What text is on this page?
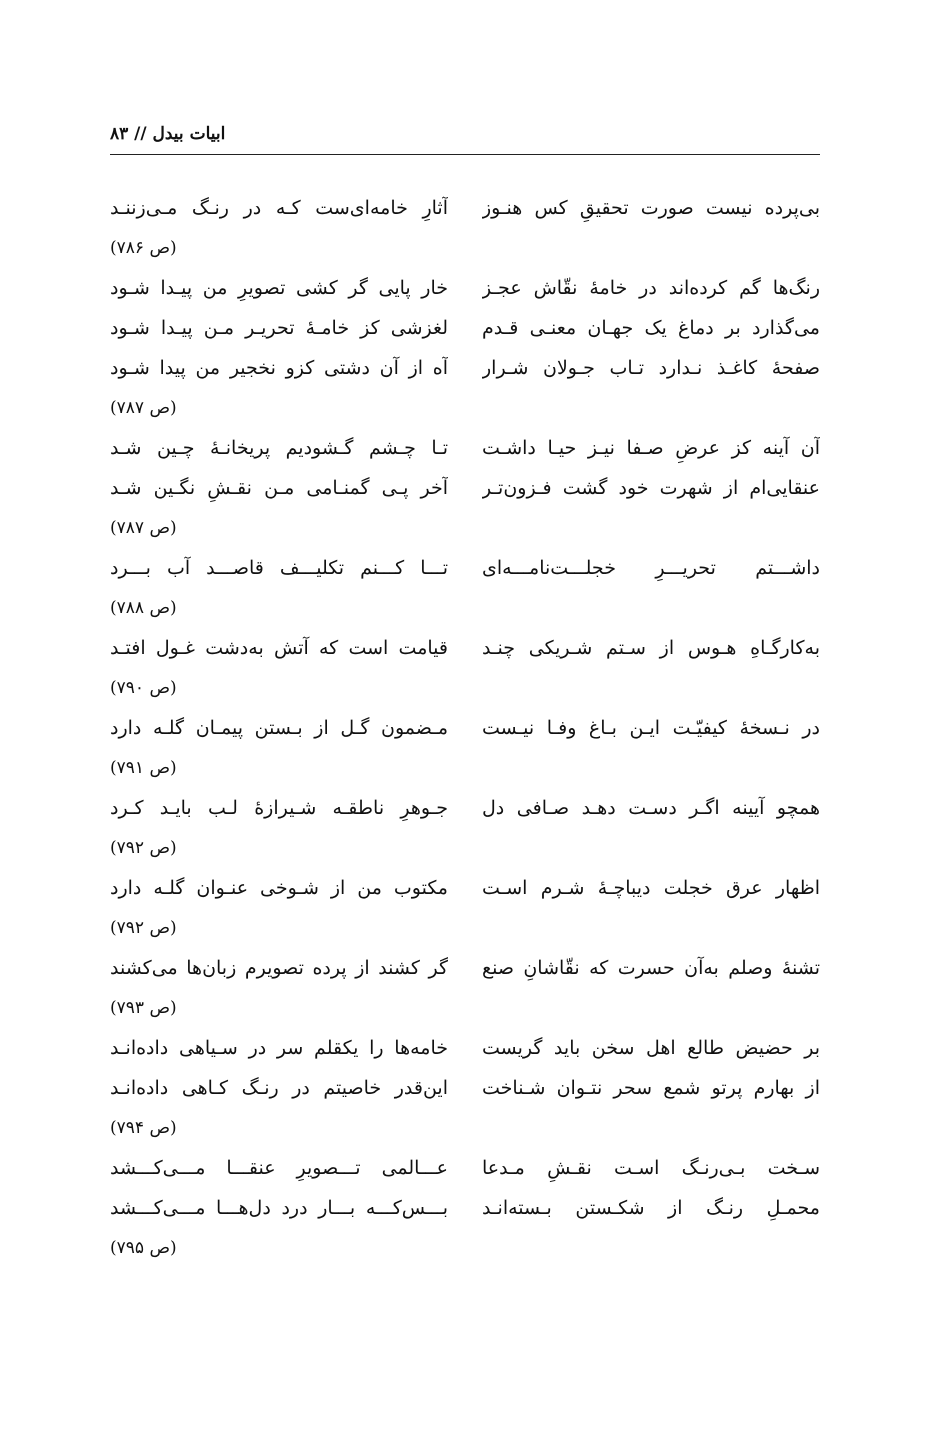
ابیات بیدل // ۸۳
بی‌پرده نیست صورت تحقیقِ کس هنـوز
آثارِ خامه‌ای‌ست کـه در رنـگ مـی‌زننـد
(ص ۷۸۶)
رنگ‌ها گم کرده‌اند در خامۀ نقّاش عجـز
خار پایی گر کشی تصویرِ من پیـدا شـود
می‌گذارد بر دماغ یک جهـان معنـی قـدم
لغزشی کز خامـۀ تحریـر مـن پیـدا شـود
صفحۀ کاغـذ نـدارد تـاب جـولان شـرار
آه از آن دشتی کزو نخجیر من پیدا شـود
(ص ۷۸۷)
آن آینه کز عرضِ صـفا نیـز حیـا داشـت
تـا چـشم گـشودیم پریخانـۀ چـین شـد
عنقایی‌ام از شهرت خود گشت فـزون‌تـر
آخر پـی گمنـامی مـن نقـشِ نگـین شـد
(ص ۷۸۷)
داشـــتم تحریـــرِ خجلـــت‌نامـــه‌ای
تـــا کـــنم تکلیـــف قاصـــد آب بـــرد
(ص ۷۸۸)
به‌کارگـاهِ هـوس از سـتم شـریکی چنـد
قیامت است که آتش به‌دشت غـول افتـد
(ص ۷۹۰)
در نـسخۀ کیفیّـت ایـن بـاغ وفـا نیـست
مـضمون گـل از بـستن پیمـان گلـه دارد
(ص ۷۹۱)
همچو آیینه اگـر دسـت دهـد صـافی دل
جـوهرِ ناطقـه شـیرازۀ لـب بایـد کـرد
(ص ۷۹۲)
اظهار عرق خجلت دیباچـۀ شـرم اسـت
مکتوب من از شـوخی عنـوان گلـه دارد
(ص ۷۹۲)
تشنۀ وصلم به‌آن حسرت که نقّاشانِ صنع
گر کشند از پرده تصویرم زبان‌ها می‌کشند
(ص ۷۹۳)
بر حضیض طالع اهل سخن باید گریست
خامه‌ها را یکقلم سر در سـیاهی داده‌انـد
از بهارم پرتو شمع سحر نتـوان شـناخت
این‌قدر خاصیتم در رنـگ کـاهی داده‌انـد
(ص ۷۹۴)
سـخت بـی‌رنـگ اسـت نقـشِ مـدعا
عـــالمی تـــصویرِ عنقـــا مـــی‌کـــشد
محمـلِ رنـگ از شکـستن بـسته‌انـد
بـــس‌کـــه بـــار درد دل‌هـــا مـــی‌کـــشد
(ص ۷۹۵)
